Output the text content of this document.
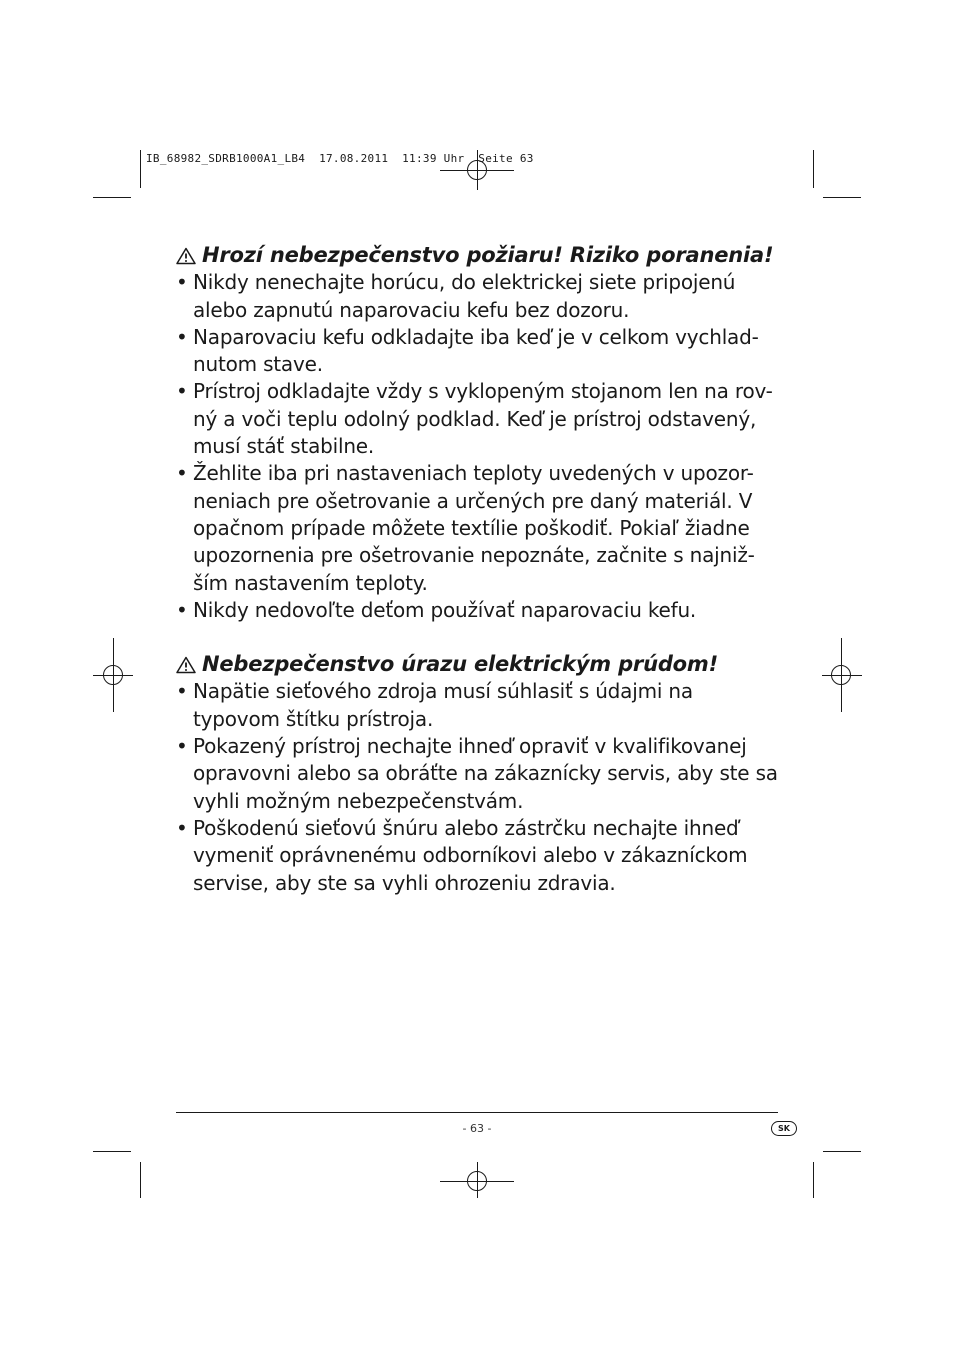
IB_68982_SDRB1000A1_LB4  17.08.2011  11:39 Uhr  Seite 63
Hrozí nebezpečenstvo požiaru! Riziko poranenia!
• Nikdy nenechajte horúcu, do elektrickej siete pripojenú alebo zapnutú naparovaciu kefu bez dozoru.
• Naparovaciu kefu odkladajte iba keď je v celkom vychlad-nutom stave.
• Prístroj odkladajte vždy s vyklopeným stojanom len na rov-ný a voči teplu odolný podklad. Keď je prístroj odstavený, musí stáť stabilne.
• Žehlite iba pri nastaveniach teploty uvedených v upozor-neniach pre ošetrovanie a určených pre daný materiál. V opačnom prípade môžete textílie poškodiť. Pokiaľ žiadne upozornenia pre ošetrovanie nepoznáte, začnite s najniž-ším nastavením teploty.
• Nikdy nedovoľte deťom používať naparovaciu kefu.
Nebezpečenstvo úrazu elektrickým prúdom!
• Napätie sieťového zdroja musí súhlasiť s údajmi na typovom štítku prístroja.
• Pokazený prístroj nechajte ihneď opraviť v kvalifikovanej opravovni alebo sa obráťte na zákaznícky servis, aby ste sa vyhli možným nebezpečenstvám.
• Poškodenú sieťovú šnúru alebo zástrčku nechajte ihneď vymeniť oprávnenému odborníkovi alebo v zákazníckom servise, aby ste sa vyhli ohrozeniu zdravia.
- 63 -	SK
